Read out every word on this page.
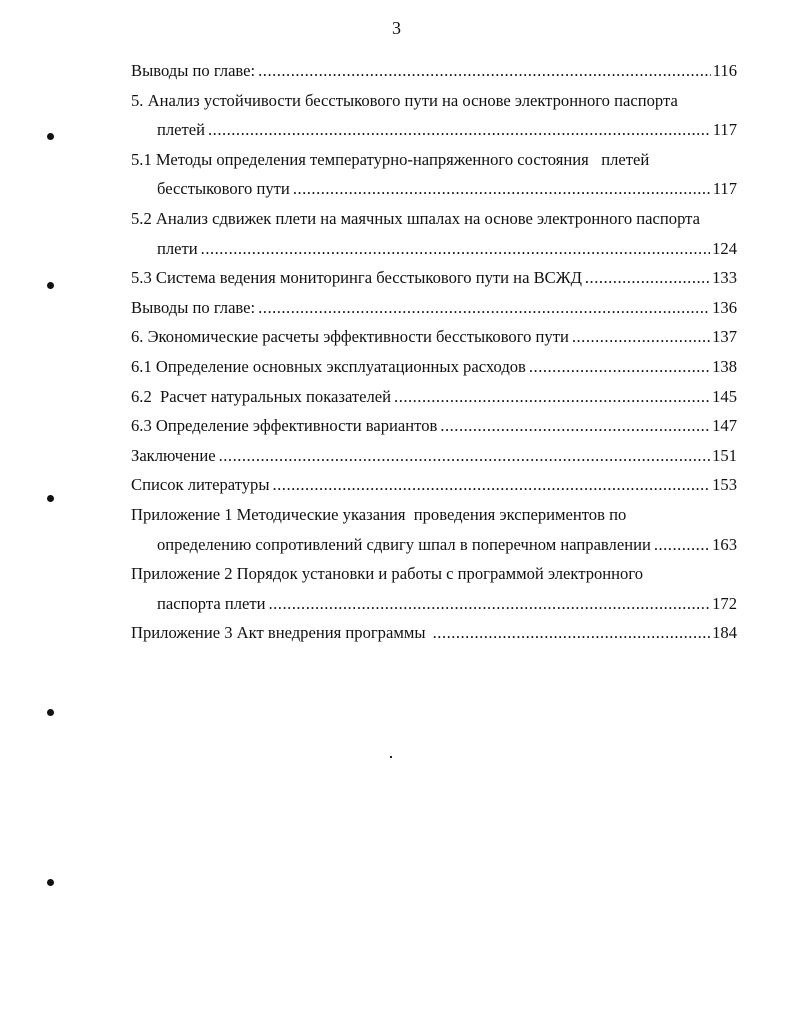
3
Выводы по главе: .....	116
5. Анализ устойчивости бесстыкового пути на основе электронного паспорта
плетей .....	117
5.1 Методы определения температурно-напряженного состояния   плетей
бесстыкового пути .....	117
5.2 Анализ сдвижек плети на маячных шпалах на основе электронного паспорта
плети .....	124
5.3 Система ведения мониторинга бесстыкового пути на ВСЖД .....	133
Выводы по главе: .....	136
6. Экономические расчеты эффективности бесстыкового пути .....	137
6.1 Определение основных эксплуатационных расходов .....	138
6.2  Расчет натуральных показателей .....	145
6.3 Определение эффективности вариантов .....	147
Заключение .....	151
Список литературы .....	153
Приложение 1 Методические указания  проведения экспериментов по
определению сопротивлений сдвигу шпал в поперечном направлении .....	163
Приложение 2 Порядок установки и работы с программой электронного
паспорта плети .....	172
Приложение 3 Акт внедрения программы .....	184
